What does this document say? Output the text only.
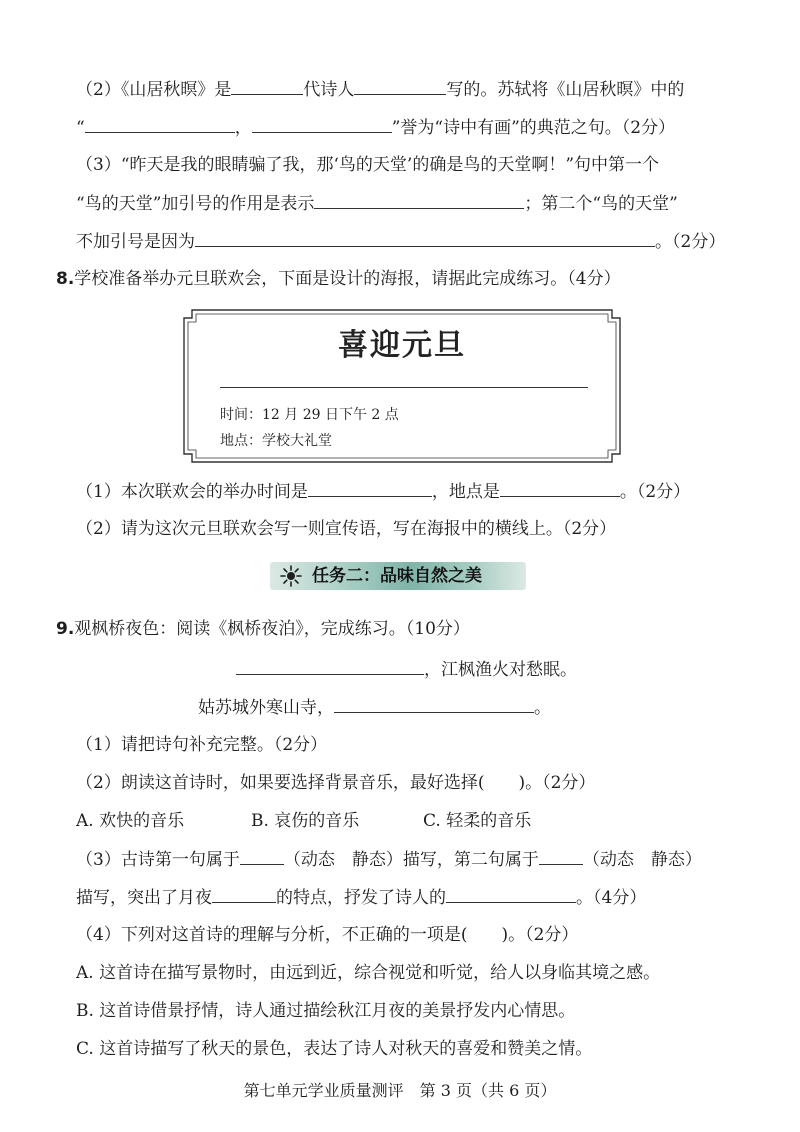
（2）《山居秋暝》是	代诗人	写的。苏轼将《山居秋暝》中的
“	，	”誉为“诗中有画”的典范之句。（2分）
（3）“昨天是我的眼睛骗了我，那‘鸟的天堂’的确是鸟的天堂啊！”句中第一个
“鸟的天堂”加引号的作用是表示	；第二个“鸟的天堂”
不加引号是因为	。（2分）
8.学校准备举办元旦联欢会，下面是设计的海报，请据此完成练习。（4分）
喜迎元旦
时间：12 月 29 日下午 2 点
地点：学校大礼堂
（1）本次联欢会的举办时间是	，地点是	。（2分）
（2）请为这次元旦联欢会写一则宣传语，写在海报中的横线上。（2分）
任务二：品味自然之美
9.观枫桥夜色：阅读《枫桥夜泊》，完成练习。（10分）
，江枫渔火对愁眠。
姑苏城外寒山寺，	。
（1）请把诗句补充完整。（2分）
（2）朗读这首诗时，如果要选择背景音乐，最好选择(　　)。（2分）
A. 欢快的音乐	B. 哀伤的音乐	C. 轻柔的音乐
（3）古诗第一句属于	（动态　静态）描写，第二句属于	（动态　静态）
描写，突出了月夜	的特点，抒发了诗人的	。（4分）
（4）下列对这首诗的理解与分析，不正确的一项是(　　)。（2分）
A. 这首诗在描写景物时，由远到近，综合视觉和听觉，给人以身临其境之感。
B. 这首诗借景抒情，诗人通过描绘秋江月夜的美景抒发内心情思。
C. 这首诗描写了秋天的景色，表达了诗人对秋天的喜爱和赞美之情。
第七单元学业质量测评　第 3 页（共 6 页）
